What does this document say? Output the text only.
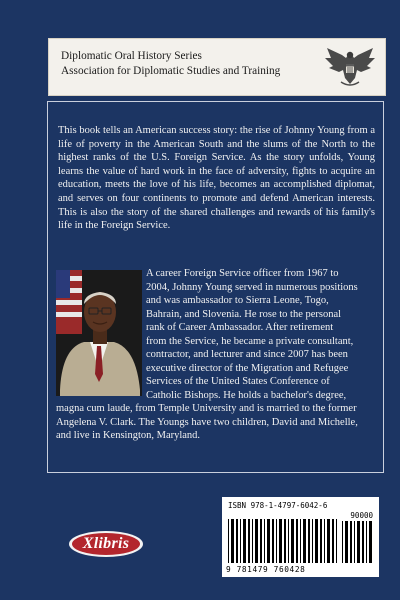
Diplomatic Oral History Series
Association for Diplomatic Studies and Training

This book tells an American success story: the rise of Johnny Young from a life of poverty in the American South and the slums of the North to the highest ranks of the U.S. Foreign Service. As the story unfolds, Young learns the value of hard work in the face of adversity, fights to acquire an education, meets the love of his life, becomes an accomplished diplomat, and serves on four continents to promote and defend American interests. This is also the story of the shared challenges and rewards of his family's life in the Foreign Service.

A career Foreign Service officer from 1967 to
2004, Johnny Young served in numerous positions
and was ambassador to Sierra Leone, Togo,
Bahrain, and Slovenia. He rose to the personal
rank of Career Ambassador. After retirement
from the Service, he became a private consultant,
contractor, and lecturer and since 2007 has been
executive director of the Migration and Refugee
Services of the United States Conference of
Catholic Bishops. He holds a bachelor's degree,
magna cum laude, from Temple University and is married to the former
Angelena V. Clark. The Youngs have two children, David and Michelle,
and live in Kensington, Maryland.

ISBN 978-1-4797-6042-6
90000
9 781479 760428
Xlibris
